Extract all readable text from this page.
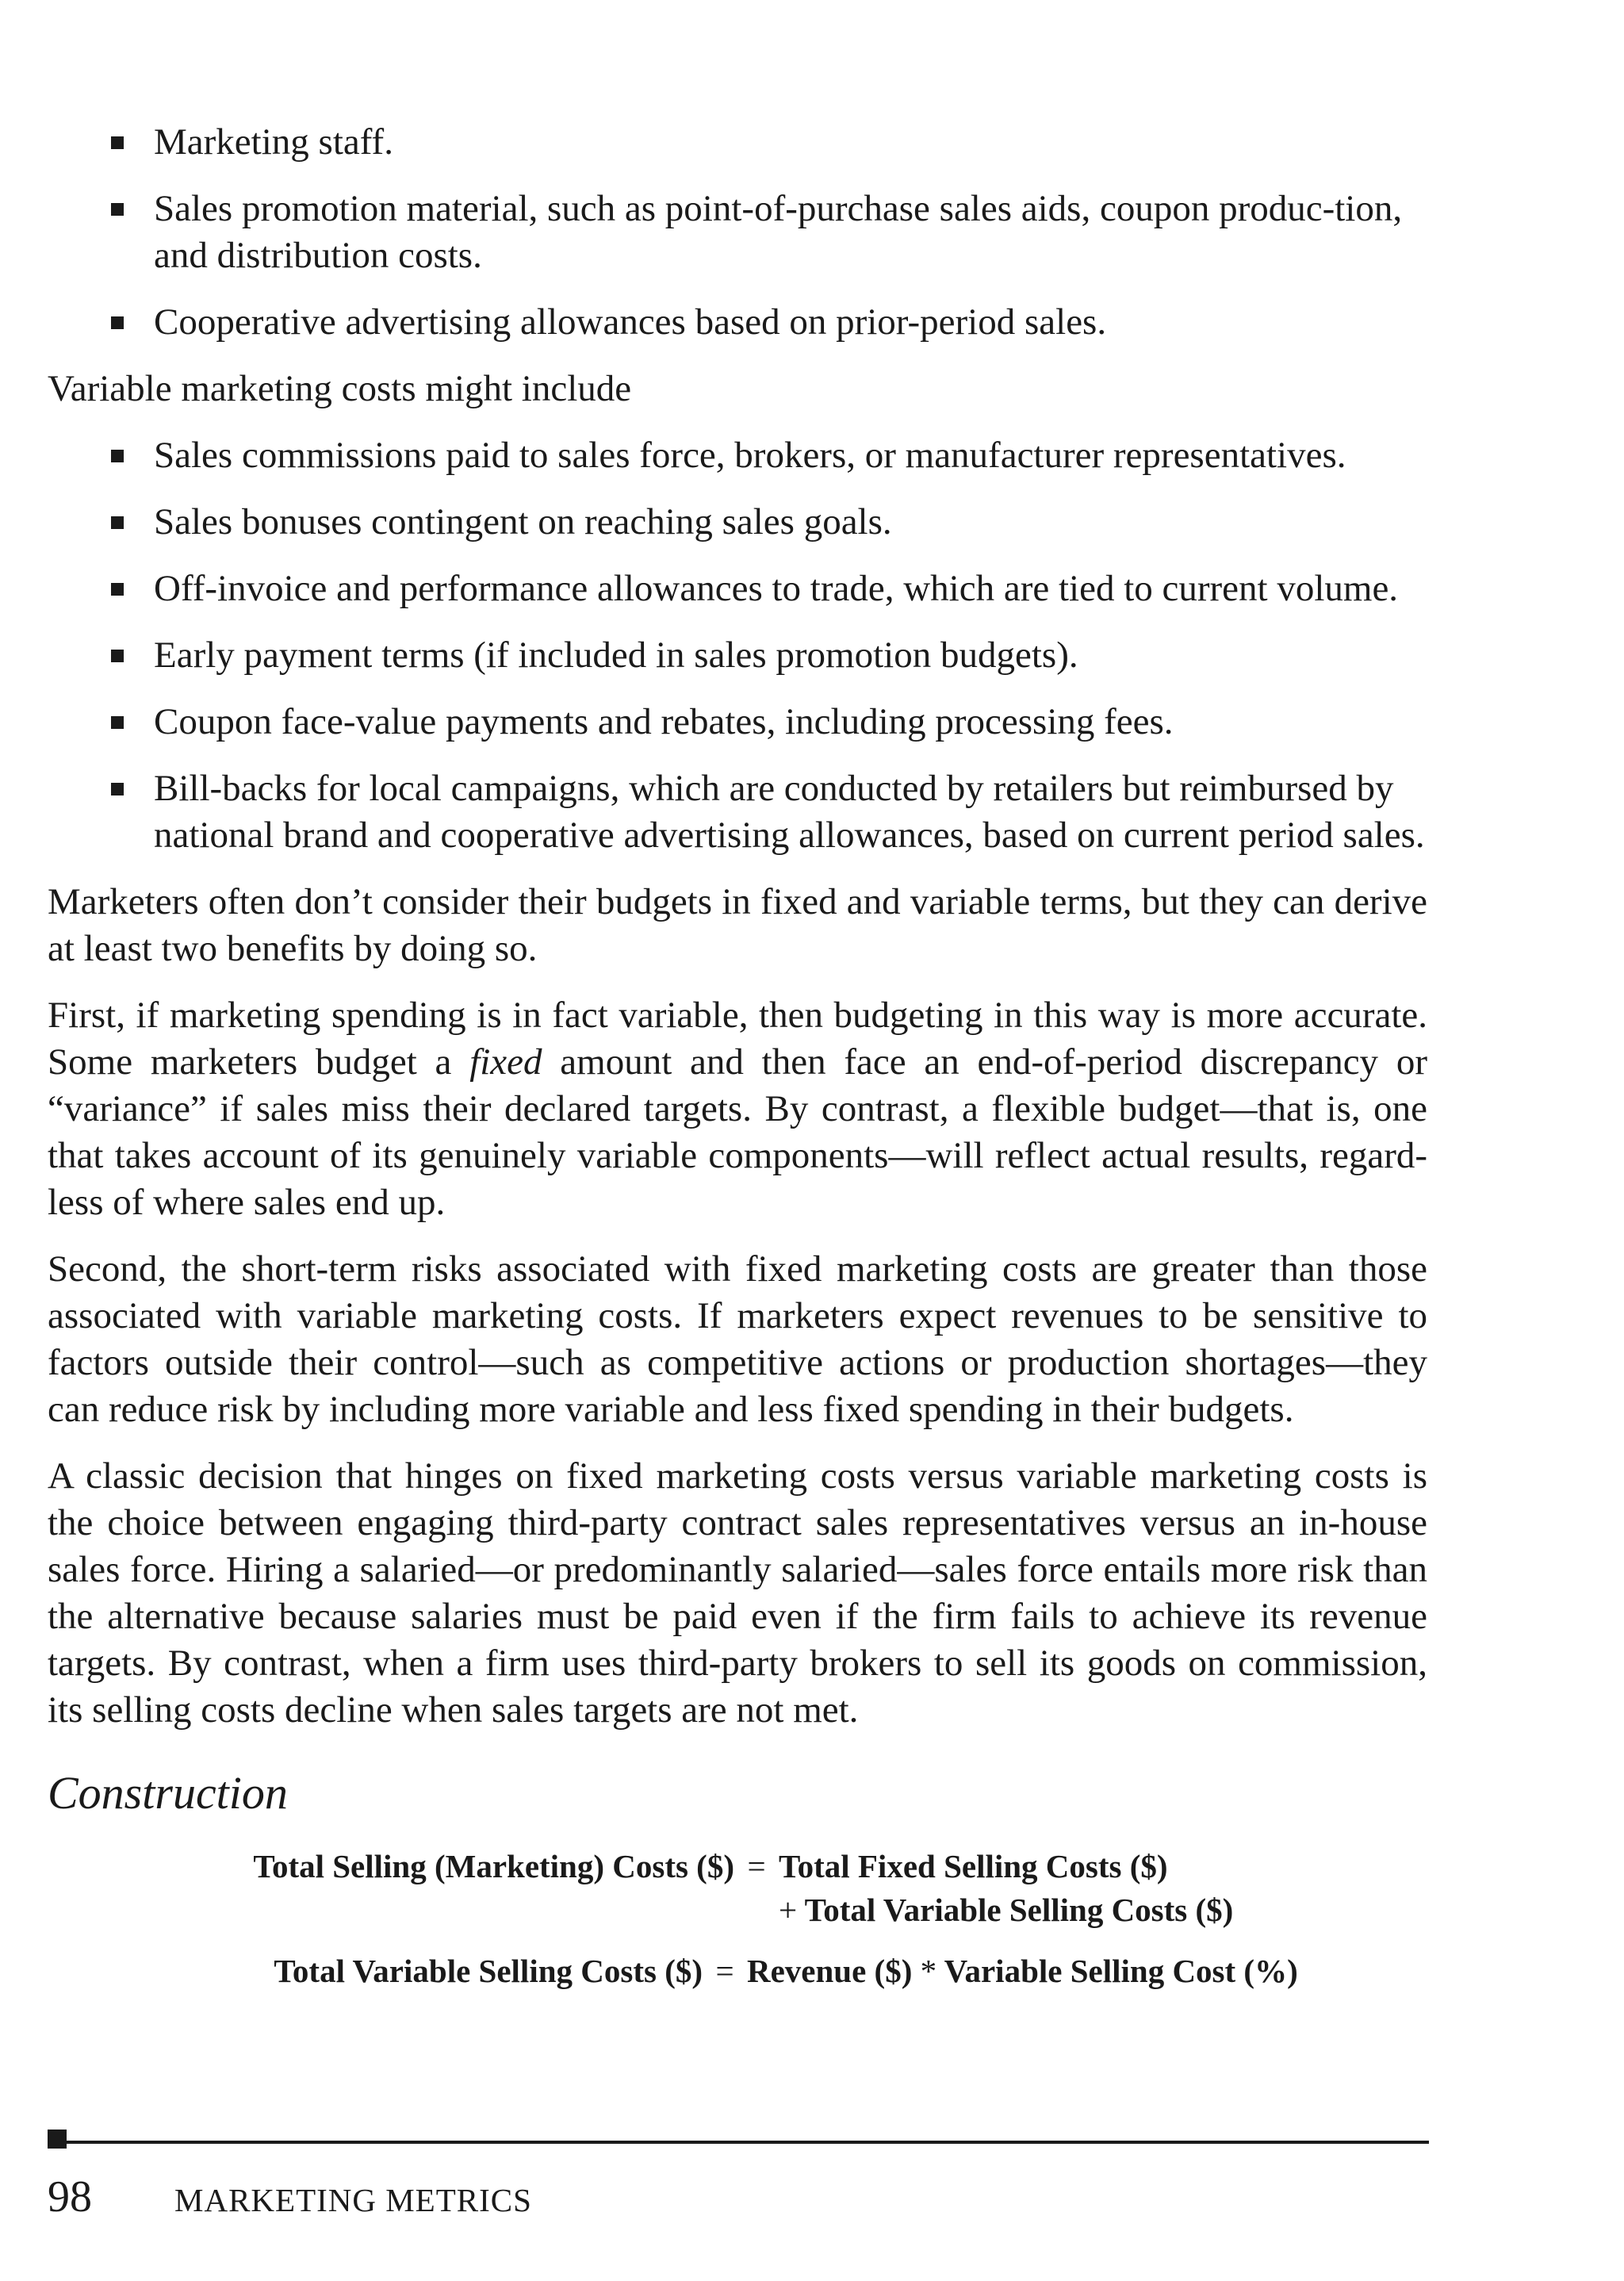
Marketing staff.
Sales promotion material, such as point-of-purchase sales aids, coupon produc-tion, and distribution costs.
Cooperative advertising allowances based on prior-period sales.

Variable marketing costs might include

Sales commissions paid to sales force, brokers, or manufacturer representatives.
Sales bonuses contingent on reaching sales goals.
Off-invoice and performance allowances to trade, which are tied to current volume.
Early payment terms (if included in sales promotion budgets).
Coupon face-value payments and rebates, including processing fees.
Bill-backs for local campaigns, which are conducted by retailers but reimbursed by national brand and cooperative advertising allowances, based on current period sales.

Marketers often don’t consider their budgets in fixed and variable terms, but they can derive at least two benefits by doing so.

First, if marketing spending is in fact variable, then budgeting in this way is more accurate. Some marketers budget a fixed amount and then face an end-of-period discrepancy or “variance” if sales miss their declared targets. By contrast, a flexible budget—that is, one that takes account of its genuinely variable components—will reflect actual results, regard-less of where sales end up.

Second, the short-term risks associated with fixed marketing costs are greater than those associated with variable marketing costs. If marketers expect revenues to be sensitive to factors outside their control—such as competitive actions or production shortages—they can reduce risk by including more variable and less fixed spending in their budgets.

A classic decision that hinges on fixed marketing costs versus variable marketing costs is the choice between engaging third-party contract sales representatives versus an in-house sales force. Hiring a salaried—or predominantly salaried—sales force entails more risk than the alternative because salaries must be paid even if the firm fails to achieve its revenue targets. By contrast, when a firm uses third-party brokers to sell its goods on commission, its selling costs decline when sales targets are not met.

Construction
Total Selling (Marketing) Costs ($) = Total Fixed Selling Costs ($)
+ Total Variable Selling Costs ($)
Total Variable Selling Costs ($) = Revenue ($) * Variable Selling Cost (%)
98	MARKETING METRICS
